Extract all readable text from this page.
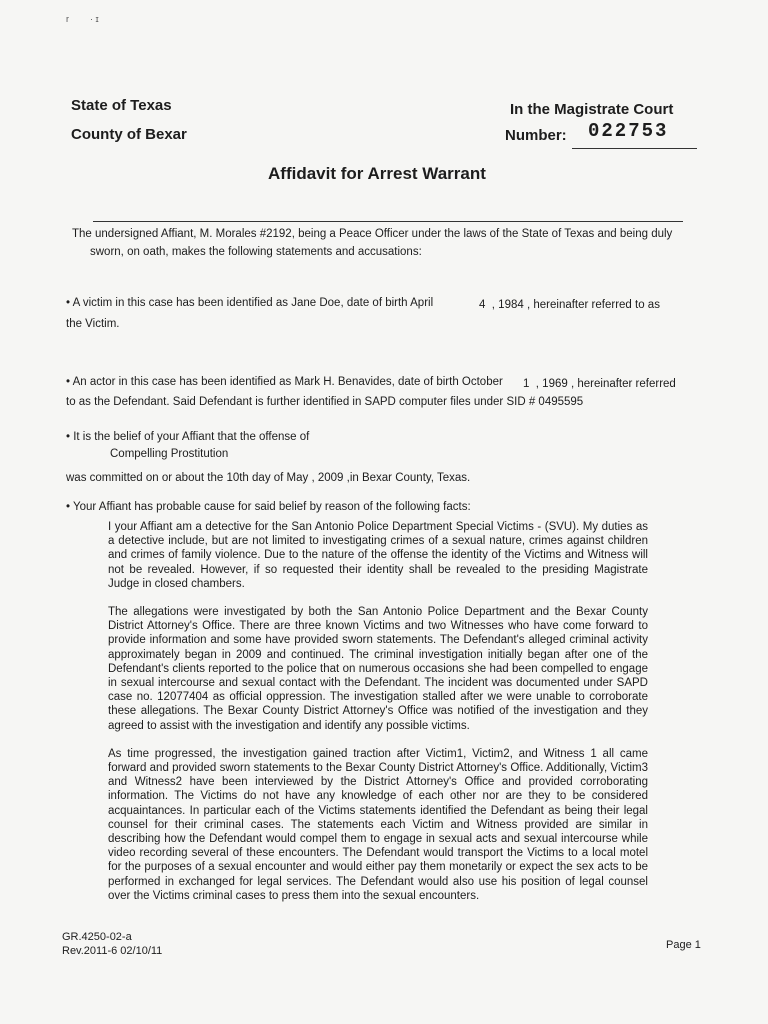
r · ɪ
State of Texas
County of Bexar
In the Magistrate Court
Number: 022753
Affidavit for Arrest Warrant
The undersigned Affiant, M. Morales #2192, being a Peace Officer under the laws of the State of Texas and being duly
sworn, on oath, makes the following statements and accusations:
• A victim in this case has been identified as Jane Doe, date of birth April	4 , 1984 , hereinafter referred to as
the Victim.
• An actor in this case has been identified as Mark H. Benavides, date of birth October 1 , 1969 , hereinafter referred
to as the Defendant. Said Defendant is further identified in SAPD computer files under SID # 0495595
• It is the belief of your Affiant that the offense of
Compelling Prostitution
was committed on or about the 10th day of May , 2009 ,in Bexar County, Texas.
• Your Affiant has probable cause for said belief by reason of the following facts:

I your Affiant am a detective for the San Antonio Police Department Special Victims - (SVU). My duties as a detective include, but are not limited to investigating crimes of a sexual nature, crimes against children and crimes of family violence. Due to the nature of the offense the identity of the Victims and Witness will not be revealed. However, if so requested their identity shall be revealed to the presiding Magistrate Judge in closed chambers.

The allegations were investigated by both the San Antonio Police Department and the Bexar County District Attorney's Office. There are three known Victims and two Witnesses who have come forward to provide information and some have provided sworn statements. The Defendant's alleged criminal activity approximately began in 2009 and continued. The criminal investigation initially began after one of the Defendant's clients reported to the police that on numerous occasions she had been compelled to engage in sexual intercourse and sexual contact with the Defendant. The incident was documented under SAPD case no. 12077404 as official oppression. The investigation stalled after we were unable to corroborate these allegations. The Bexar County District Attorney's Office was notified of the investigation and they agreed to assist with the investigation and identify any possible victims.

As time progressed, the investigation gained traction after Victim1, Victim2, and Witness 1 all came forward and provided sworn statements to the Bexar County District Attorney's Office. Additionally, Victim3 and Witness2 have been interviewed by the District Attorney's Office and provided corroborating information. The Victims do not have any knowledge of each other nor are they to be considered acquaintances. In particular each of the Victims statements identified the Defendant as being their legal counsel for their criminal cases. The statements each Victim and Witness provided are similar in describing how the Defendant would compel them to engage in sexual acts and sexual intercourse while video recording several of these encounters. The Defendant would transport the Victims to a local motel for the purposes of a sexual encounter and would either pay them monetarily or expect the sex acts to be performed in exchanged for legal services. The Defendant would also use his position of legal counsel over the Victims criminal cases to press them into the sexual encounters.

GR.4250-02-a
Rev.2011-6 02/10/11	Page 1
